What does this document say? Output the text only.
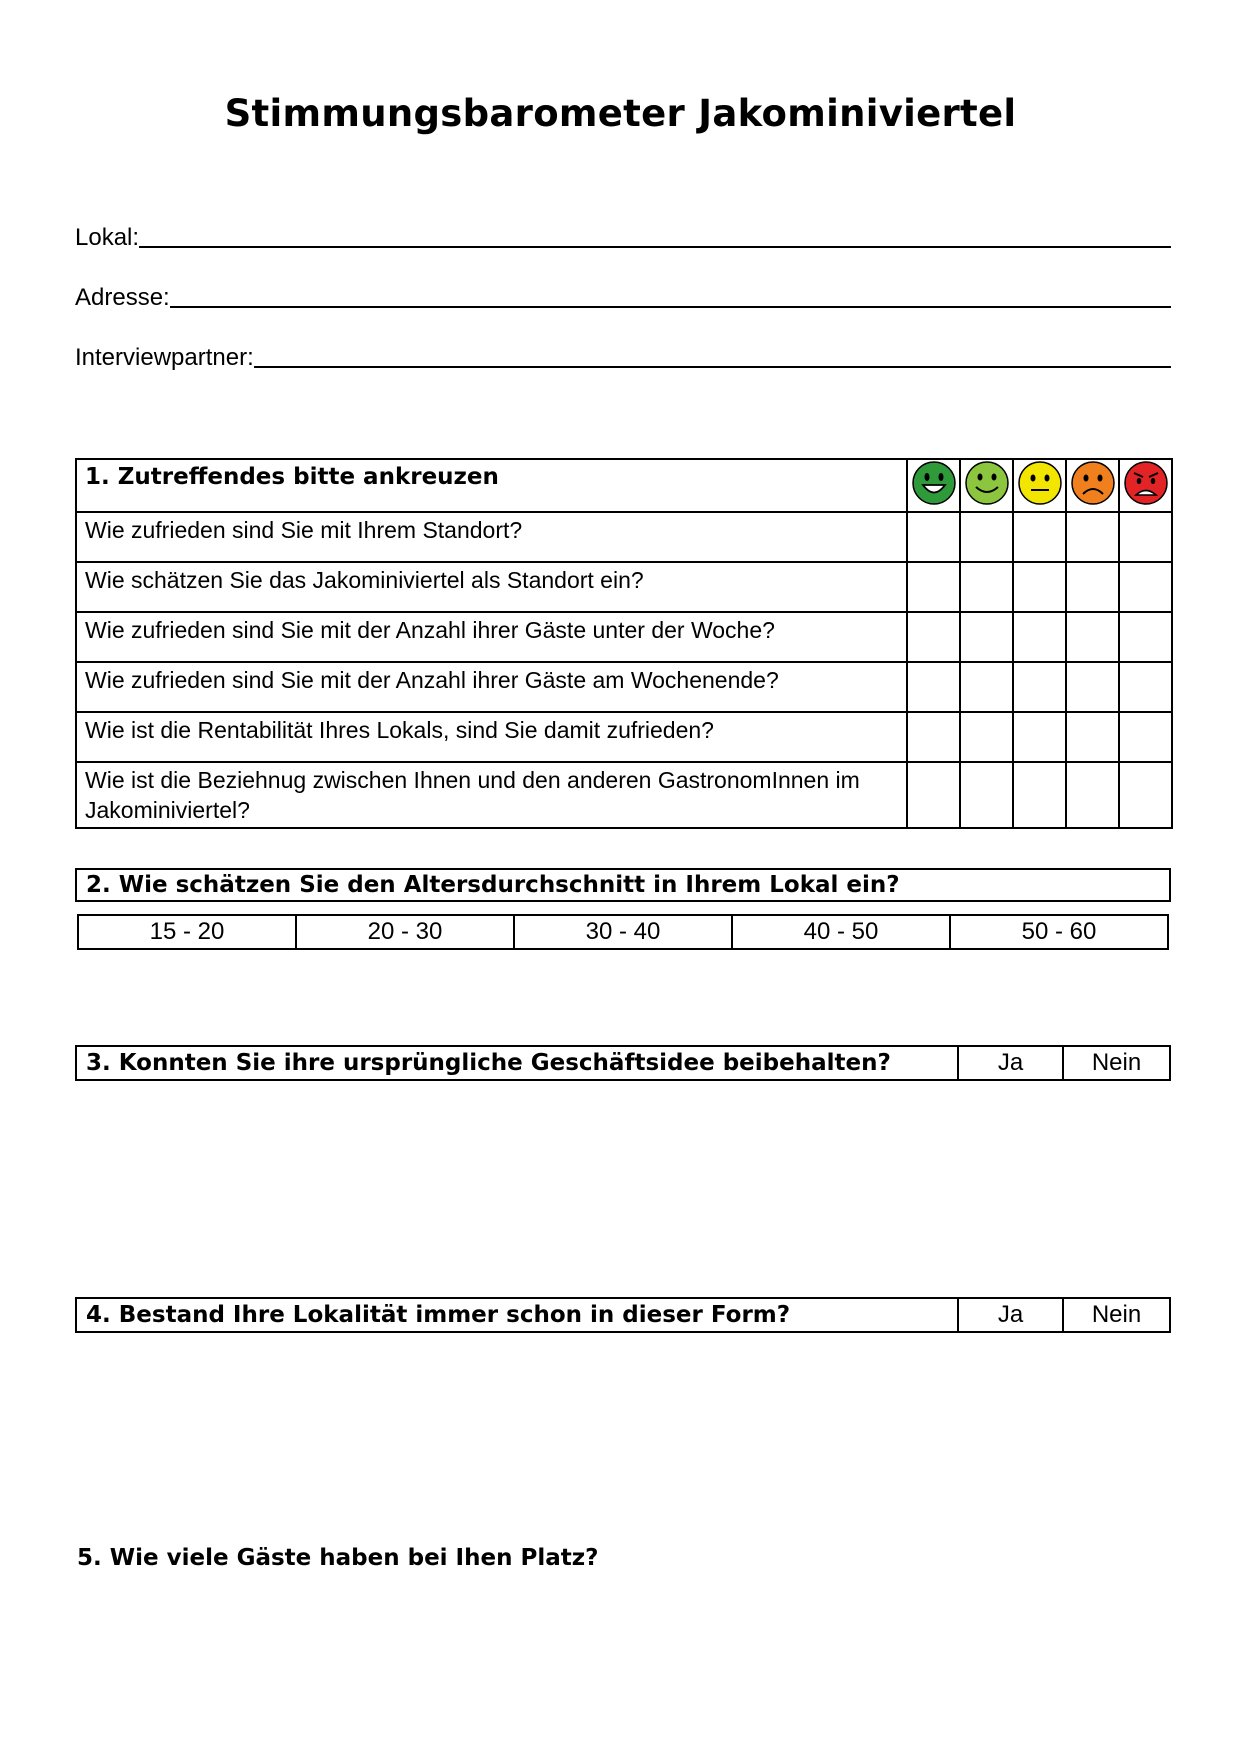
Stimmungsbarometer Jakominiviertel
Lokal:
Adresse:
Interviewpartner:
1. Zutreffendes bitte ankreuzen					
Wie zufrieden sind Sie mit Ihrem Standort?					
Wie schätzen Sie das Jakominiviertel als Standort ein?					
Wie zufrieden sind Sie mit der Anzahl ihrer Gäste unter der Woche?					
Wie zufrieden sind Sie mit der Anzahl ihrer Gäste am Wochenende?					
Wie ist die Rentabilität Ihres Lokals, sind Sie damit zufrieden?					
Wie ist die Beziehnug zwischen Ihnen und den anderen GastronomInnen im Jakominiviertel?					
2. Wie schätzen Sie den Altersdurchschnitt in Ihrem Lokal ein?
15 - 20	20 - 30	30 - 40	40 - 50	50 - 60
3. Konnten Sie ihre ursprüngliche Geschäftsidee beibehalten?	Ja	Nein
4. Bestand Ihre Lokalität immer schon in dieser Form?	Ja	Nein

5. Wie viele Gäste haben bei Ihen Platz?
